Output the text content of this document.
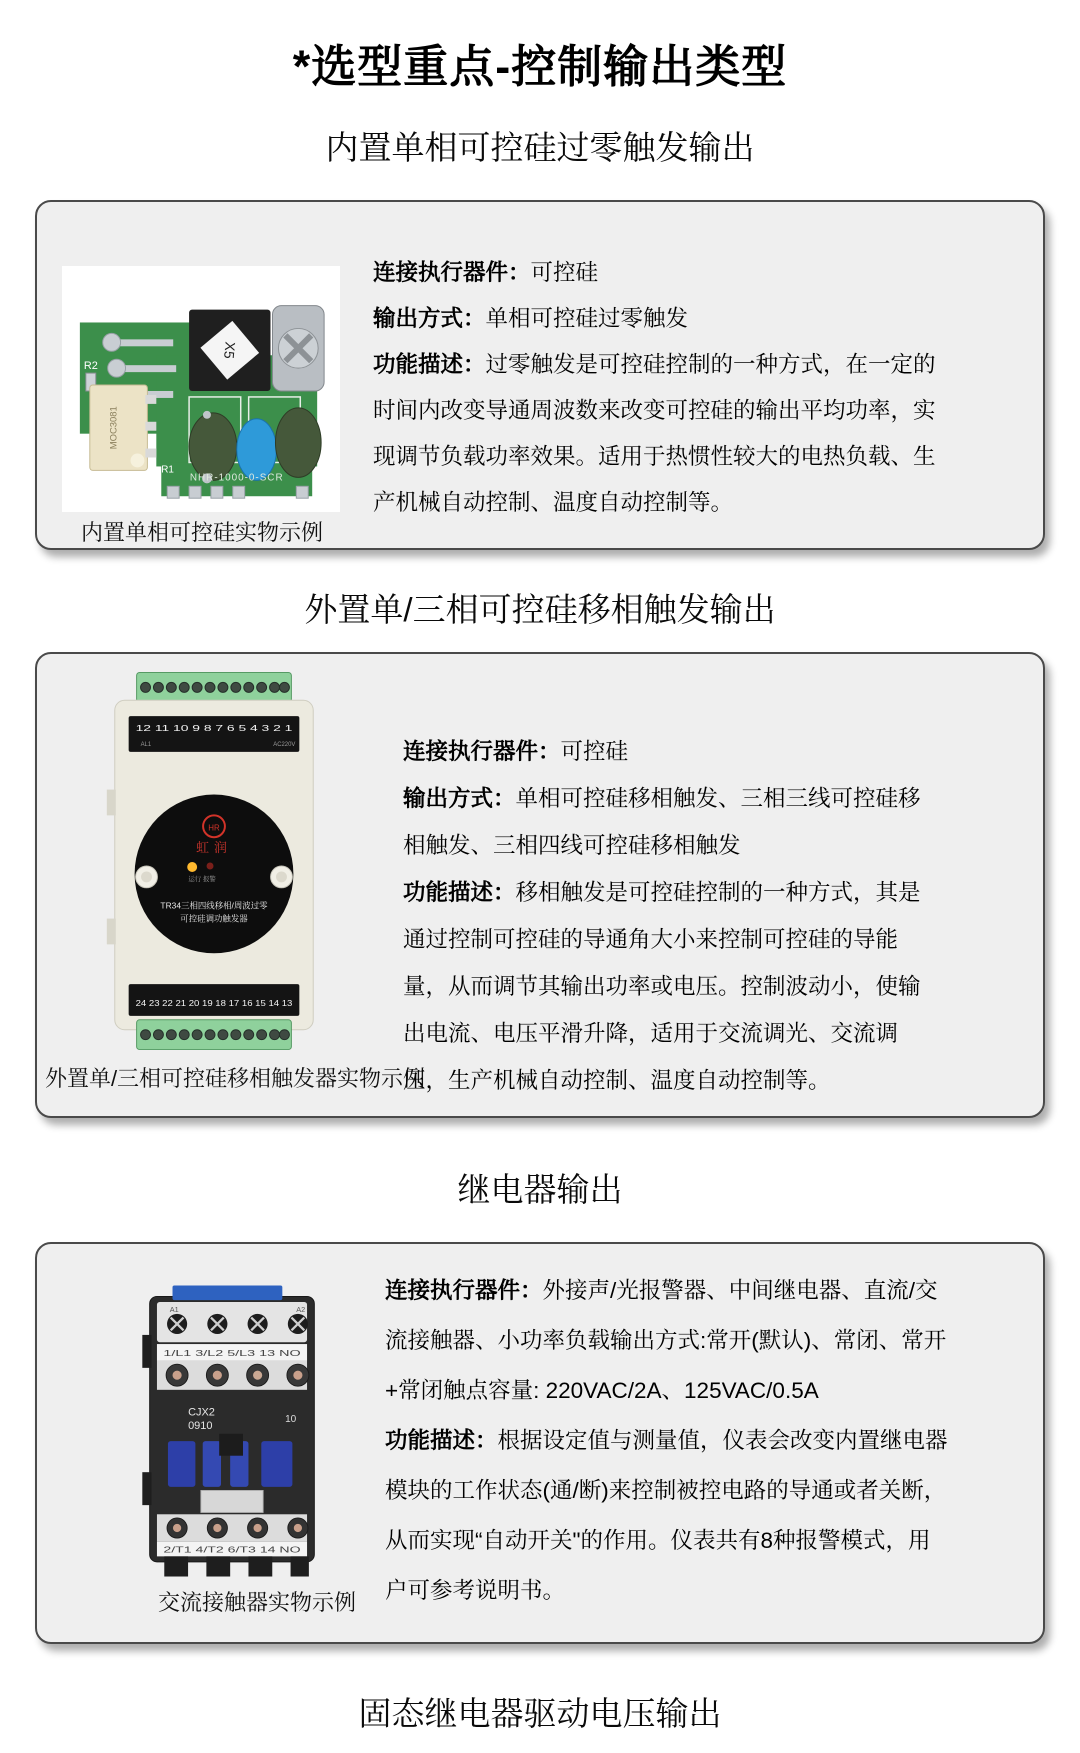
*选型重点-控制输出类型
内置单相可控硅过零触发输出
R2
X5
MOC3081
R1
NHR-1000-0-SCR
内置单相可控硅实物示例

连接执行器件：可控硅

输出方式：单相可控硅过零触发

功能描述：过零触发是可控硅控制的一种方式，在一定的时间内改变导通周波数来改变可控硅的输出平均功率，实现调节负载功率效果。适用于热惯性较大的电热负载、生产机械自动控制、温度自动控制等。

外置单/三相可控硅移相触发输出
12 11 10 9 8 7 6 5 4 3 2 1
AL1	AC220V
HR
虹润
运行 报警
TR34三相四线移相/周波过零
可控硅调功触发器
24 23 22 21 20 19 18 17 16 15 14 13
外置单/三相可控硅移相触发器实物示例

连接执行器件：可控硅

输出方式：单相可控硅移相触发、三相三线可控硅移相触发、三相四线可控硅移相触发

功能描述：移相触发是可控硅控制的一种方式，其是通过控制可控硅的导通角大小来控制可控硅的导能量，从而调节其输出功率或电压。控制波动小，使输出电流、电压平滑升降，适用于交流调光、交流调压，生产机械自动控制、温度自动控制等。

继电器输出
A1	A2
1/L1 3/L2 5/L3 13 NO
CJX2
0910
10
2/T1 4/T2 6/T3 14 NO
交流接触器实物示例

连接执行器件：外接声/光报警器、中间继电器、直流/交流接触器、小功率负载输出方式:常开(默认)、常闭、常开+常闭触点容量: 220VAC/2A、125VAC/0.5A

功能描述：根据设定值与测量值，仪表会改变内置继电器模块的工作状态(通/断)来控制被控电路的导通或者关断，从而实现“自动开关"的作用。仪表共有8种报警模式，用户可参考说明书。

固态继电器驱动电压输出
